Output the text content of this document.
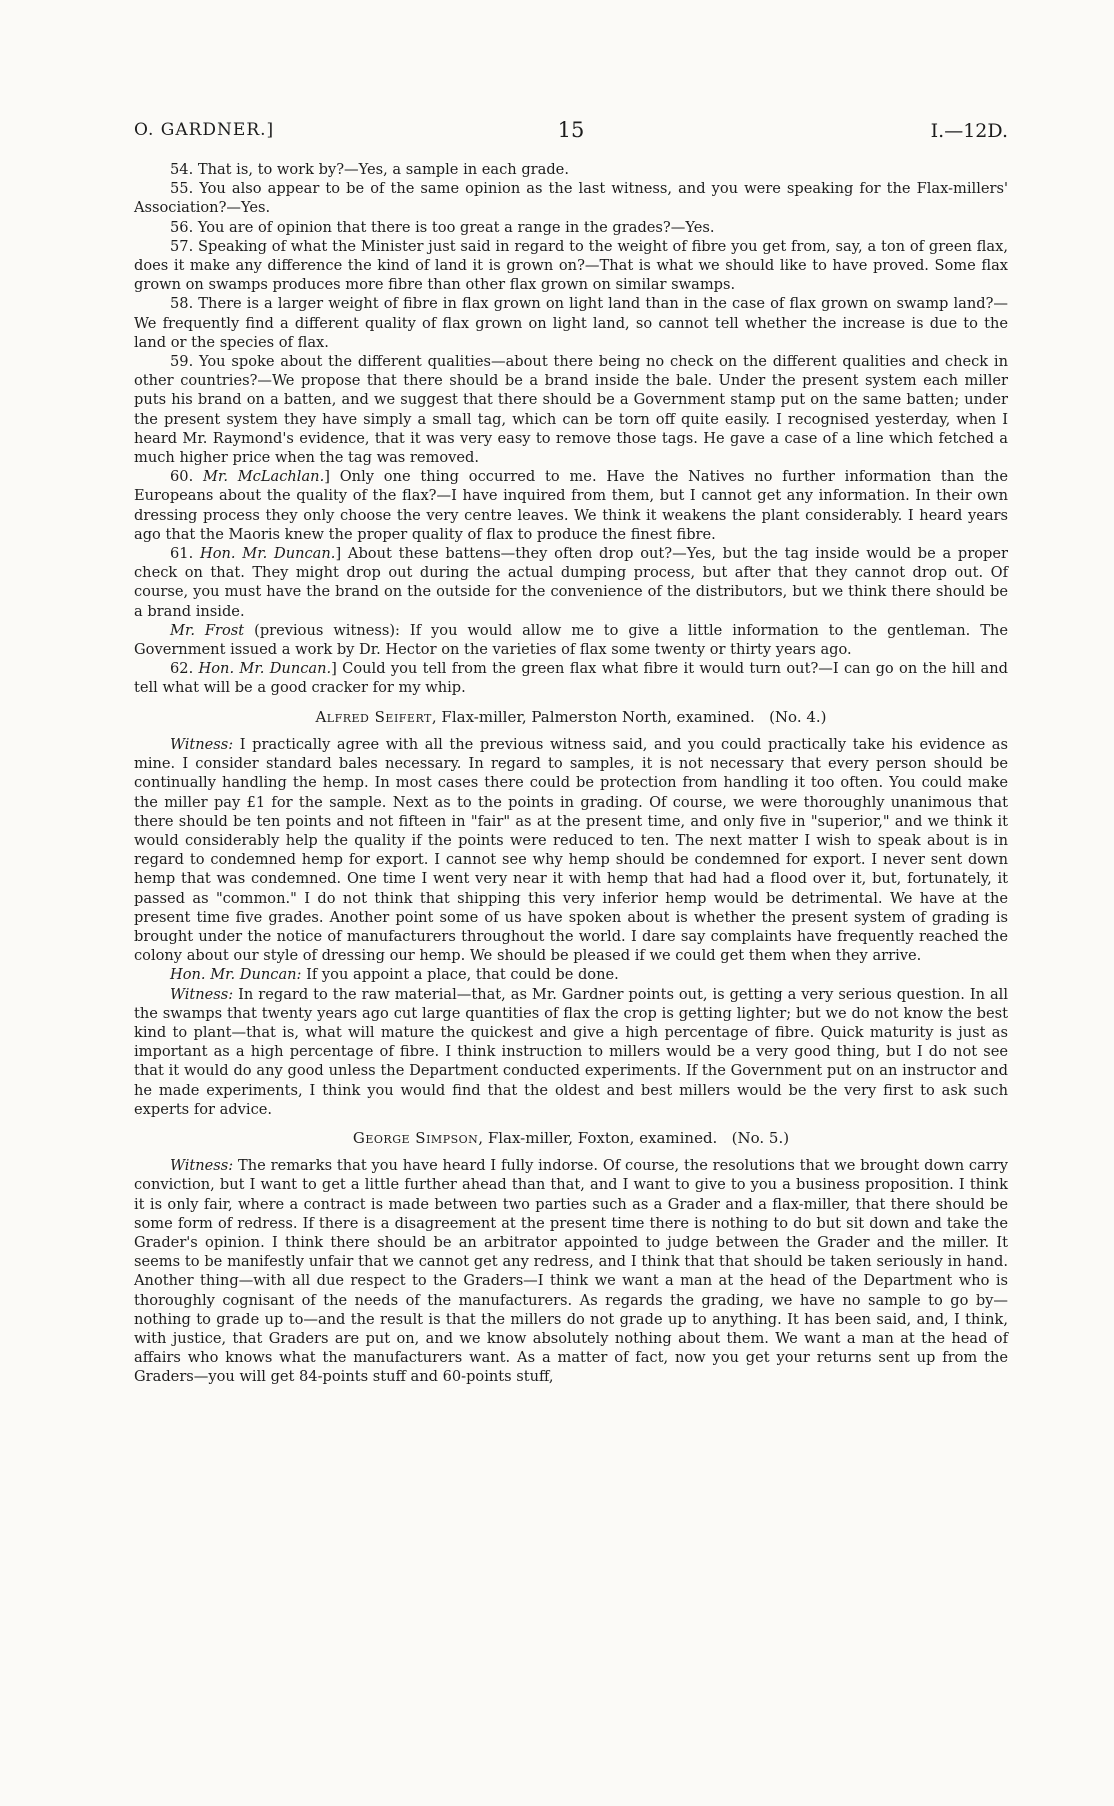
O. GARDNER.]	15	I.—12D.

54. That is, to work by?—Yes, a sample in each grade.

55. You also appear to be of the same opinion as the last witness, and you were speaking for the Flax-millers' Association?—Yes.

56. You are of opinion that there is too great a range in the grades?—Yes.

57. Speaking of what the Minister just said in regard to the weight of fibre you get from, say, a ton of green flax, does it make any difference the kind of land it is grown on?—That is what we should like to have proved. Some flax grown on swamps produces more fibre than other flax grown on similar swamps.

58. There is a larger weight of fibre in flax grown on light land than in the case of flax grown on swamp land?—We frequently find a different quality of flax grown on light land, so cannot tell whether the increase is due to the land or the species of flax.

59. You spoke about the different qualities—about there being no check on the different qualities and check in other countries?—We propose that there should be a brand inside the bale. Under the present system each miller puts his brand on a batten, and we suggest that there should be a Government stamp put on the same batten; under the present system they have simply a small tag, which can be torn off quite easily. I recognised yesterday, when I heard Mr. Raymond's evidence, that it was very easy to remove those tags. He gave a case of a line which fetched a much higher price when the tag was removed.

60. Mr. McLachlan.] Only one thing occurred to me. Have the Natives no further information than the Europeans about the quality of the flax?—I have inquired from them, but I cannot get any information. In their own dressing process they only choose the very centre leaves. We think it weakens the plant considerably. I heard years ago that the Maoris knew the proper quality of flax to produce the finest fibre.

61. Hon. Mr. Duncan.] About these battens—they often drop out?—Yes, but the tag inside would be a proper check on that. They might drop out during the actual dumping process, but after that they cannot drop out. Of course, you must have the brand on the outside for the convenience of the distributors, but we think there should be a brand inside.

Mr. Frost (previous witness): If you would allow me to give a little information to the gentleman. The Government issued a work by Dr. Hector on the varieties of flax some twenty or thirty years ago.

62. Hon. Mr. Duncan.] Could you tell from the green flax what fibre it would turn out?—I can go on the hill and tell what will be a good cracker for my whip.

Alfred Seifert, Flax-miller, Palmerston North, examined. (No. 4.)

Witness: I practically agree with all the previous witness said, and you could practically take his evidence as mine. I consider standard bales necessary. In regard to samples, it is not necessary that every person should be continually handling the hemp. In most cases there could be protection from handling it too often. You could make the miller pay £1 for the sample. Next as to the points in grading. Of course, we were thoroughly unanimous that there should be ten points and not fifteen in "fair" as at the present time, and only five in "superior," and we think it would considerably help the quality if the points were reduced to ten. The next matter I wish to speak about is in regard to condemned hemp for export. I cannot see why hemp should be condemned for export. I never sent down hemp that was condemned. One time I went very near it with hemp that had had a flood over it, but, fortunately, it passed as "common." I do not think that shipping this very inferior hemp would be detrimental. We have at the present time five grades. Another point some of us have spoken about is whether the present system of grading is brought under the notice of manufacturers throughout the world. I dare say complaints have frequently reached the colony about our style of dressing our hemp. We should be pleased if we could get them when they arrive.

Hon. Mr. Duncan: If you appoint a place, that could be done.

Witness: In regard to the raw material—that, as Mr. Gardner points out, is getting a very serious question. In all the swamps that twenty years ago cut large quantities of flax the crop is getting lighter; but we do not know the best kind to plant—that is, what will mature the quickest and give a high percentage of fibre. Quick maturity is just as important as a high percentage of fibre. I think instruction to millers would be a very good thing, but I do not see that it would do any good unless the Department conducted experiments. If the Government put on an instructor and he made experiments, I think you would find that the oldest and best millers would be the very first to ask such experts for advice.

George Simpson, Flax-miller, Foxton, examined. (No. 5.)

Witness: The remarks that you have heard I fully indorse. Of course, the resolutions that we brought down carry conviction, but I want to get a little further ahead than that, and I want to give to you a business proposition. I think it is only fair, where a contract is made between two parties such as a Grader and a flax-miller, that there should be some form of redress. If there is a disagreement at the present time there is nothing to do but sit down and take the Grader's opinion. I think there should be an arbitrator appointed to judge between the Grader and the miller. It seems to be manifestly unfair that we cannot get any redress, and I think that that should be taken seriously in hand. Another thing—with all due respect to the Graders—I think we want a man at the head of the Department who is thoroughly cognisant of the needs of the manufacturers. As regards the grading, we have no sample to go by—nothing to grade up to—and the result is that the millers do not grade up to anything. It has been said, and, I think, with justice, that Graders are put on, and we know absolutely nothing about them. We want a man at the head of affairs who knows what the manufacturers want. As a matter of fact, now you get your returns sent up from the Graders—you will get 84-points stuff and 60-points stuff,
